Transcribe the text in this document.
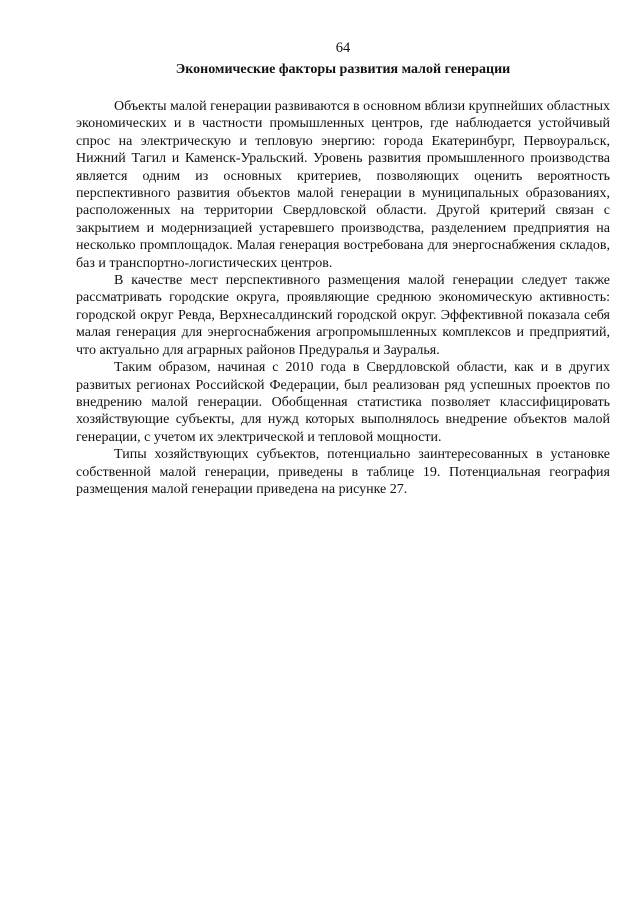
64
Экономические факторы развития малой генерации

Объекты малой генерации развиваются в основном вблизи крупнейших областных экономических и в частности промышленных центров, где наблюдается устойчивый спрос на электрическую и тепловую энергию: города Екатеринбург, Первоуральск, Нижний Тагил и Каменск-Уральский. Уровень развития промышленного производства является одним из основных критериев, позволяющих оценить вероятность перспективного развития объектов малой генерации в муниципальных образованиях, расположенных на территории Свердловской области. Другой критерий связан с закрытием и модернизацией устаревшего производства, разделением предприятия на несколько промплощадок. Малая генерация востребована для энергоснабжения складов, баз и транспортно-логистических центров.

В качестве мест перспективного размещения малой генерации следует также рассматривать городские округа, проявляющие среднюю экономическую активность: городской округ Ревда, Верхнесалдинский городской округ. Эффективной показала себя малая генерация для энергоснабжения агропромышленных комплексов и предприятий, что актуально для аграрных районов Предуралья и Зауралья.

Таким образом, начиная с 2010 года в Свердловской области, как и в других развитых регионах Российской Федерации, был реализован ряд успешных проектов по внедрению малой генерации. Обобщенная статистика позволяет классифицировать хозяйствующие субъекты, для нужд которых выполнялось внедрение объектов малой генерации, с учетом их электрической и тепловой мощности.

Типы хозяйствующих субъектов, потенциально заинтересованных в установке собственной малой генерации, приведены в таблице 19. Потенциальная география размещения малой генерации приведена на рисунке 27.
